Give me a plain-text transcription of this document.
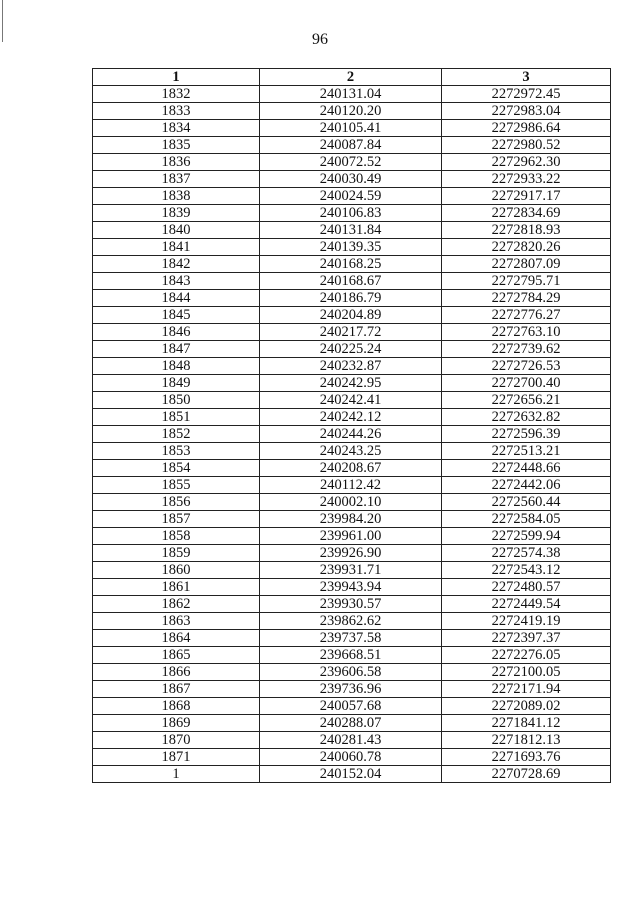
96
1	2	3
1832	240131.04	2272972.45
1833	240120.20	2272983.04
1834	240105.41	2272986.64
1835	240087.84	2272980.52
1836	240072.52	2272962.30
1837	240030.49	2272933.22
1838	240024.59	2272917.17
1839	240106.83	2272834.69
1840	240131.84	2272818.93
1841	240139.35	2272820.26
1842	240168.25	2272807.09
1843	240168.67	2272795.71
1844	240186.79	2272784.29
1845	240204.89	2272776.27
1846	240217.72	2272763.10
1847	240225.24	2272739.62
1848	240232.87	2272726.53
1849	240242.95	2272700.40
1850	240242.41	2272656.21
1851	240242.12	2272632.82
1852	240244.26	2272596.39
1853	240243.25	2272513.21
1854	240208.67	2272448.66
1855	240112.42	2272442.06
1856	240002.10	2272560.44
1857	239984.20	2272584.05
1858	239961.00	2272599.94
1859	239926.90	2272574.38
1860	239931.71	2272543.12
1861	239943.94	2272480.57
1862	239930.57	2272449.54
1863	239862.62	2272419.19
1864	239737.58	2272397.37
1865	239668.51	2272276.05
1866	239606.58	2272100.05
1867	239736.96	2272171.94
1868	240057.68	2272089.02
1869	240288.07	2271841.12
1870	240281.43	2271812.13
1871	240060.78	2271693.76
1	240152.04	2270728.69
